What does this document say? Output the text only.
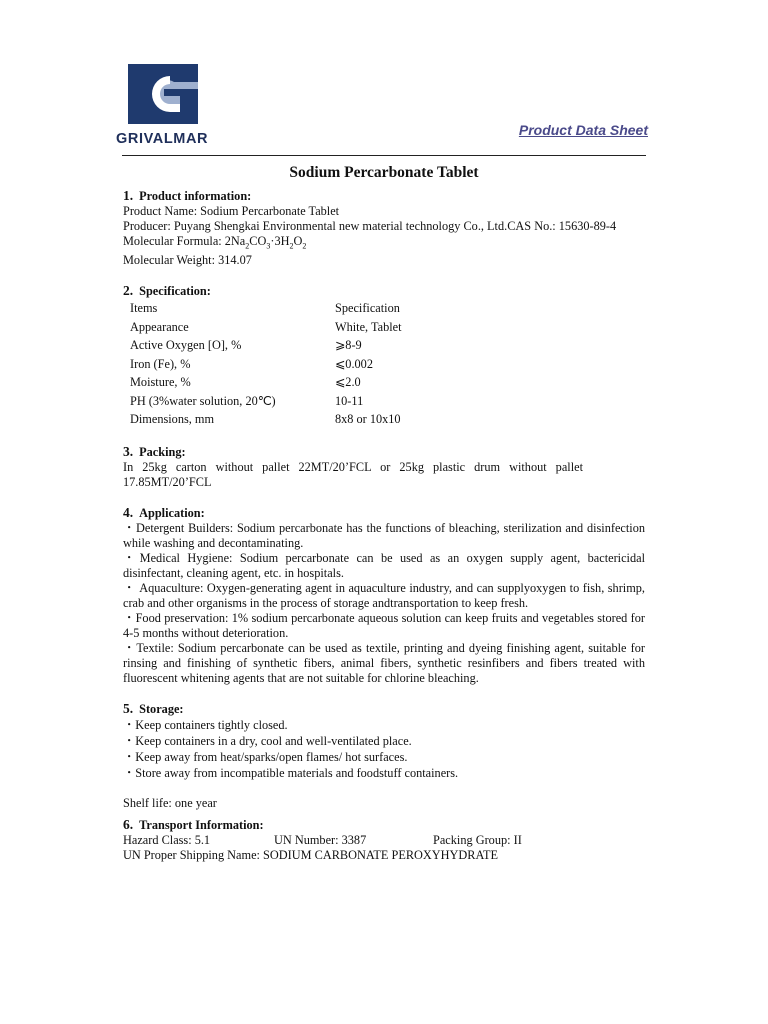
GRIVALMAR
Product Data Sheet
Sodium Percarbonate Tablet
1. Product information:

Product Name: Sodium Percarbonate Tablet

Producer: Puyang Shengkai Environmental new material technology Co., Ltd.CAS No.: 15630-89-4

Molecular Formula: $2Na_2CO_3\cdot 3H_2O_2$

Molecular Weight: 314.07

2. Specification:
Items	Specification
Appearance	White, Tablet
Active Oxygen [O], %	⩾8-9
Iron (Fe), %	⩽0.002
Moisture, %	⩽2.0
PH (3%water solution, 20℃)	10-11
Dimensions, mm	8x8 or 10x10
3. Packing:

In 25kg carton without pallet 22MT/20’FCL or 25kg plastic drum without pallet 17.85MT/20’FCL

4. Application:

・Detergent Builders: Sodium percarbonate has the functions of bleaching, sterilization and disinfection while washing and decontaminating.

・Medical Hygiene: Sodium percarbonate can be used as an oxygen supply agent, bactericidal disinfectant, cleaning agent, etc. in hospitals.

・ Aquaculture: Oxygen-generating agent in aquaculture industry, and can supplyoxygen to fish, shrimp, crab and other organisms in the process of storage andtransportation to keep fresh.

・Food preservation: 1% sodium percarbonate aqueous solution can keep fruits and vegetables stored for 4-5 months without deterioration.

・Textile: Sodium percarbonate can be used as textile, printing and dyeing finishing agent, suitable for rinsing and finishing of synthetic fibers, animal fibers, synthetic resinfibers and fibers treated with fluorescent whitening agents that are not suitable for chlorine bleaching.

5. Storage:

・Keep containers tightly closed.

・Keep containers in a dry, cool and well-ventilated place.

・Keep away from heat/sparks/open flames/ hot surfaces.

・Store away from incompatible materials and foodstuff containers.

Shelf life: one year

6. Transport Information:
Hazard Class: 5.1	UN Number: 3387	Packing Group: II

UN Proper Shipping Name: SODIUM CARBONATE PEROXYHYDRATE
